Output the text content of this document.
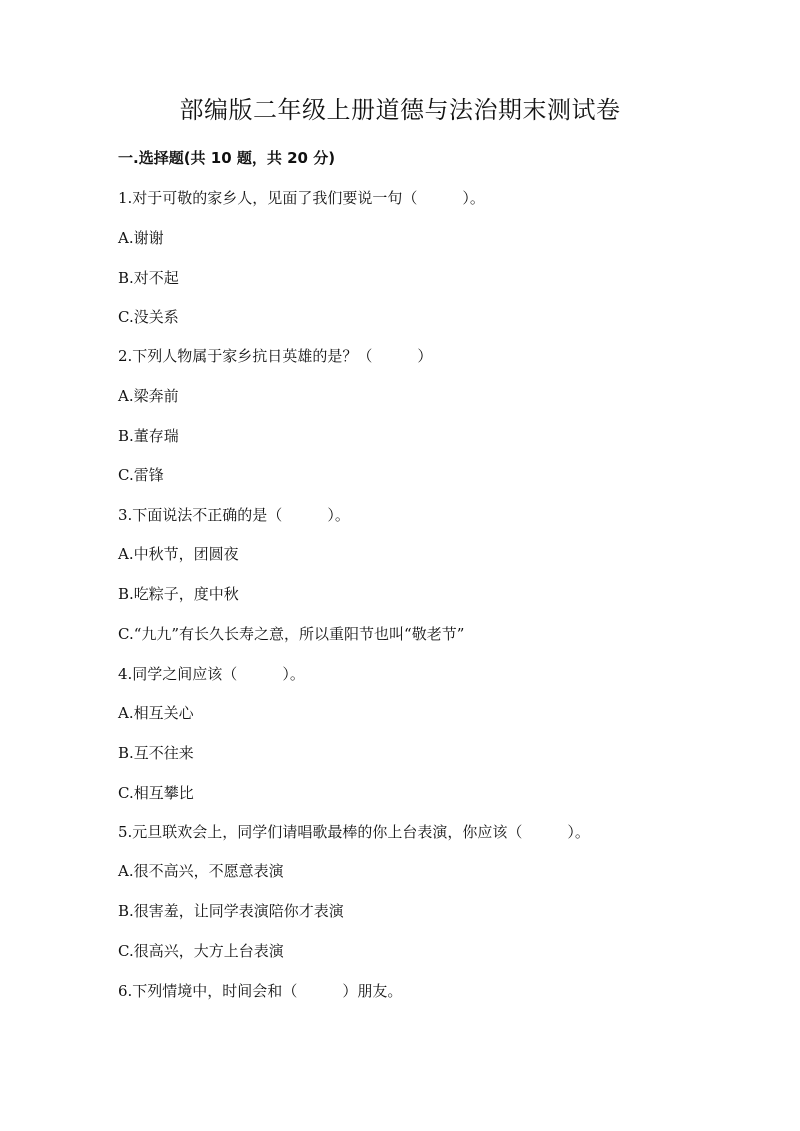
部编版二年级上册道德与法治期末测试卷
一.选择题(共 10 题，共 20 分)
1.对于可敬的家乡人，见面了我们要说一句（　　　）。
A.谢谢
B.对不起
C.没关系
2.下列人物属于家乡抗日英雄的是？（　　　）
A.梁奔前
B.董存瑞
C.雷锋
3.下面说法不正确的是（　　　）。
A.中秋节，团圆夜
B.吃粽子，度中秋
C.“九九”有长久长寿之意，所以重阳节也叫“敬老节”
4.同学之间应该（　　　）。
A.相互关心
B.互不往来
C.相互攀比
5.元旦联欢会上，同学们请唱歌最棒的你上台表演，你应该（　　　）。
A.很不高兴，不愿意表演
B.很害羞，让同学表演陪你才表演
C.很高兴，大方上台表演
6.下列情境中，时间会和（　　　）朋友。
